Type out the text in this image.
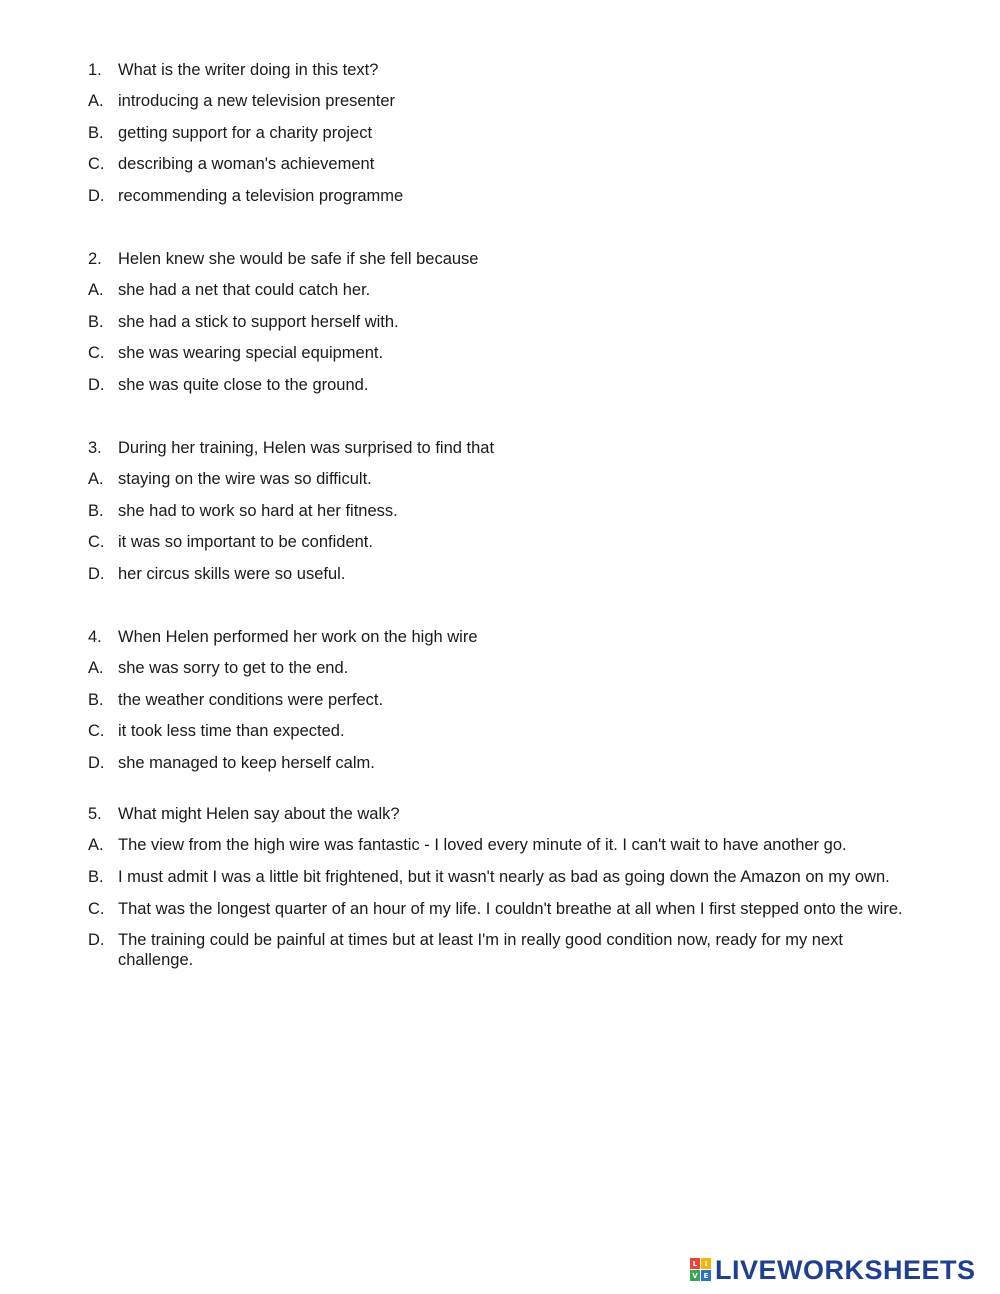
1. What is the writer doing in this text?
A. introducing a new television presenter
B. getting support for a charity project
C. describing a woman's achievement
D. recommending a television programme
2. Helen knew she would be safe if she fell because
A. she had a net that could catch her.
B. she had a stick to support herself with.
C. she was wearing special equipment.
D. she was quite close to the ground.
3. During her training, Helen was surprised to find that
A. staying on the wire was so difficult.
B. she had to work so hard at her fitness.
C. it was so important to be confident.
D. her circus skills were so useful.
4. When Helen performed her work on the high wire
A. she was sorry to get to the end.
B. the weather conditions were perfect.
C. it took less time than expected.
D. she managed to keep herself calm.
5. What might Helen say about the walk?
A. The view from the high wire was fantastic - I loved every minute of it. I can't wait to have another go.
B. I must admit I was a little bit frightened, but it wasn't nearly as bad as going down the Amazon on my own.
C. That was the longest quarter of an hour of my life. I couldn't breathe at all when I first stepped onto the wire.
D. The training could be painful at times but at least I'm in really good condition now, ready for my next challenge.
L	I
V E LIVEWORKSHEETS
